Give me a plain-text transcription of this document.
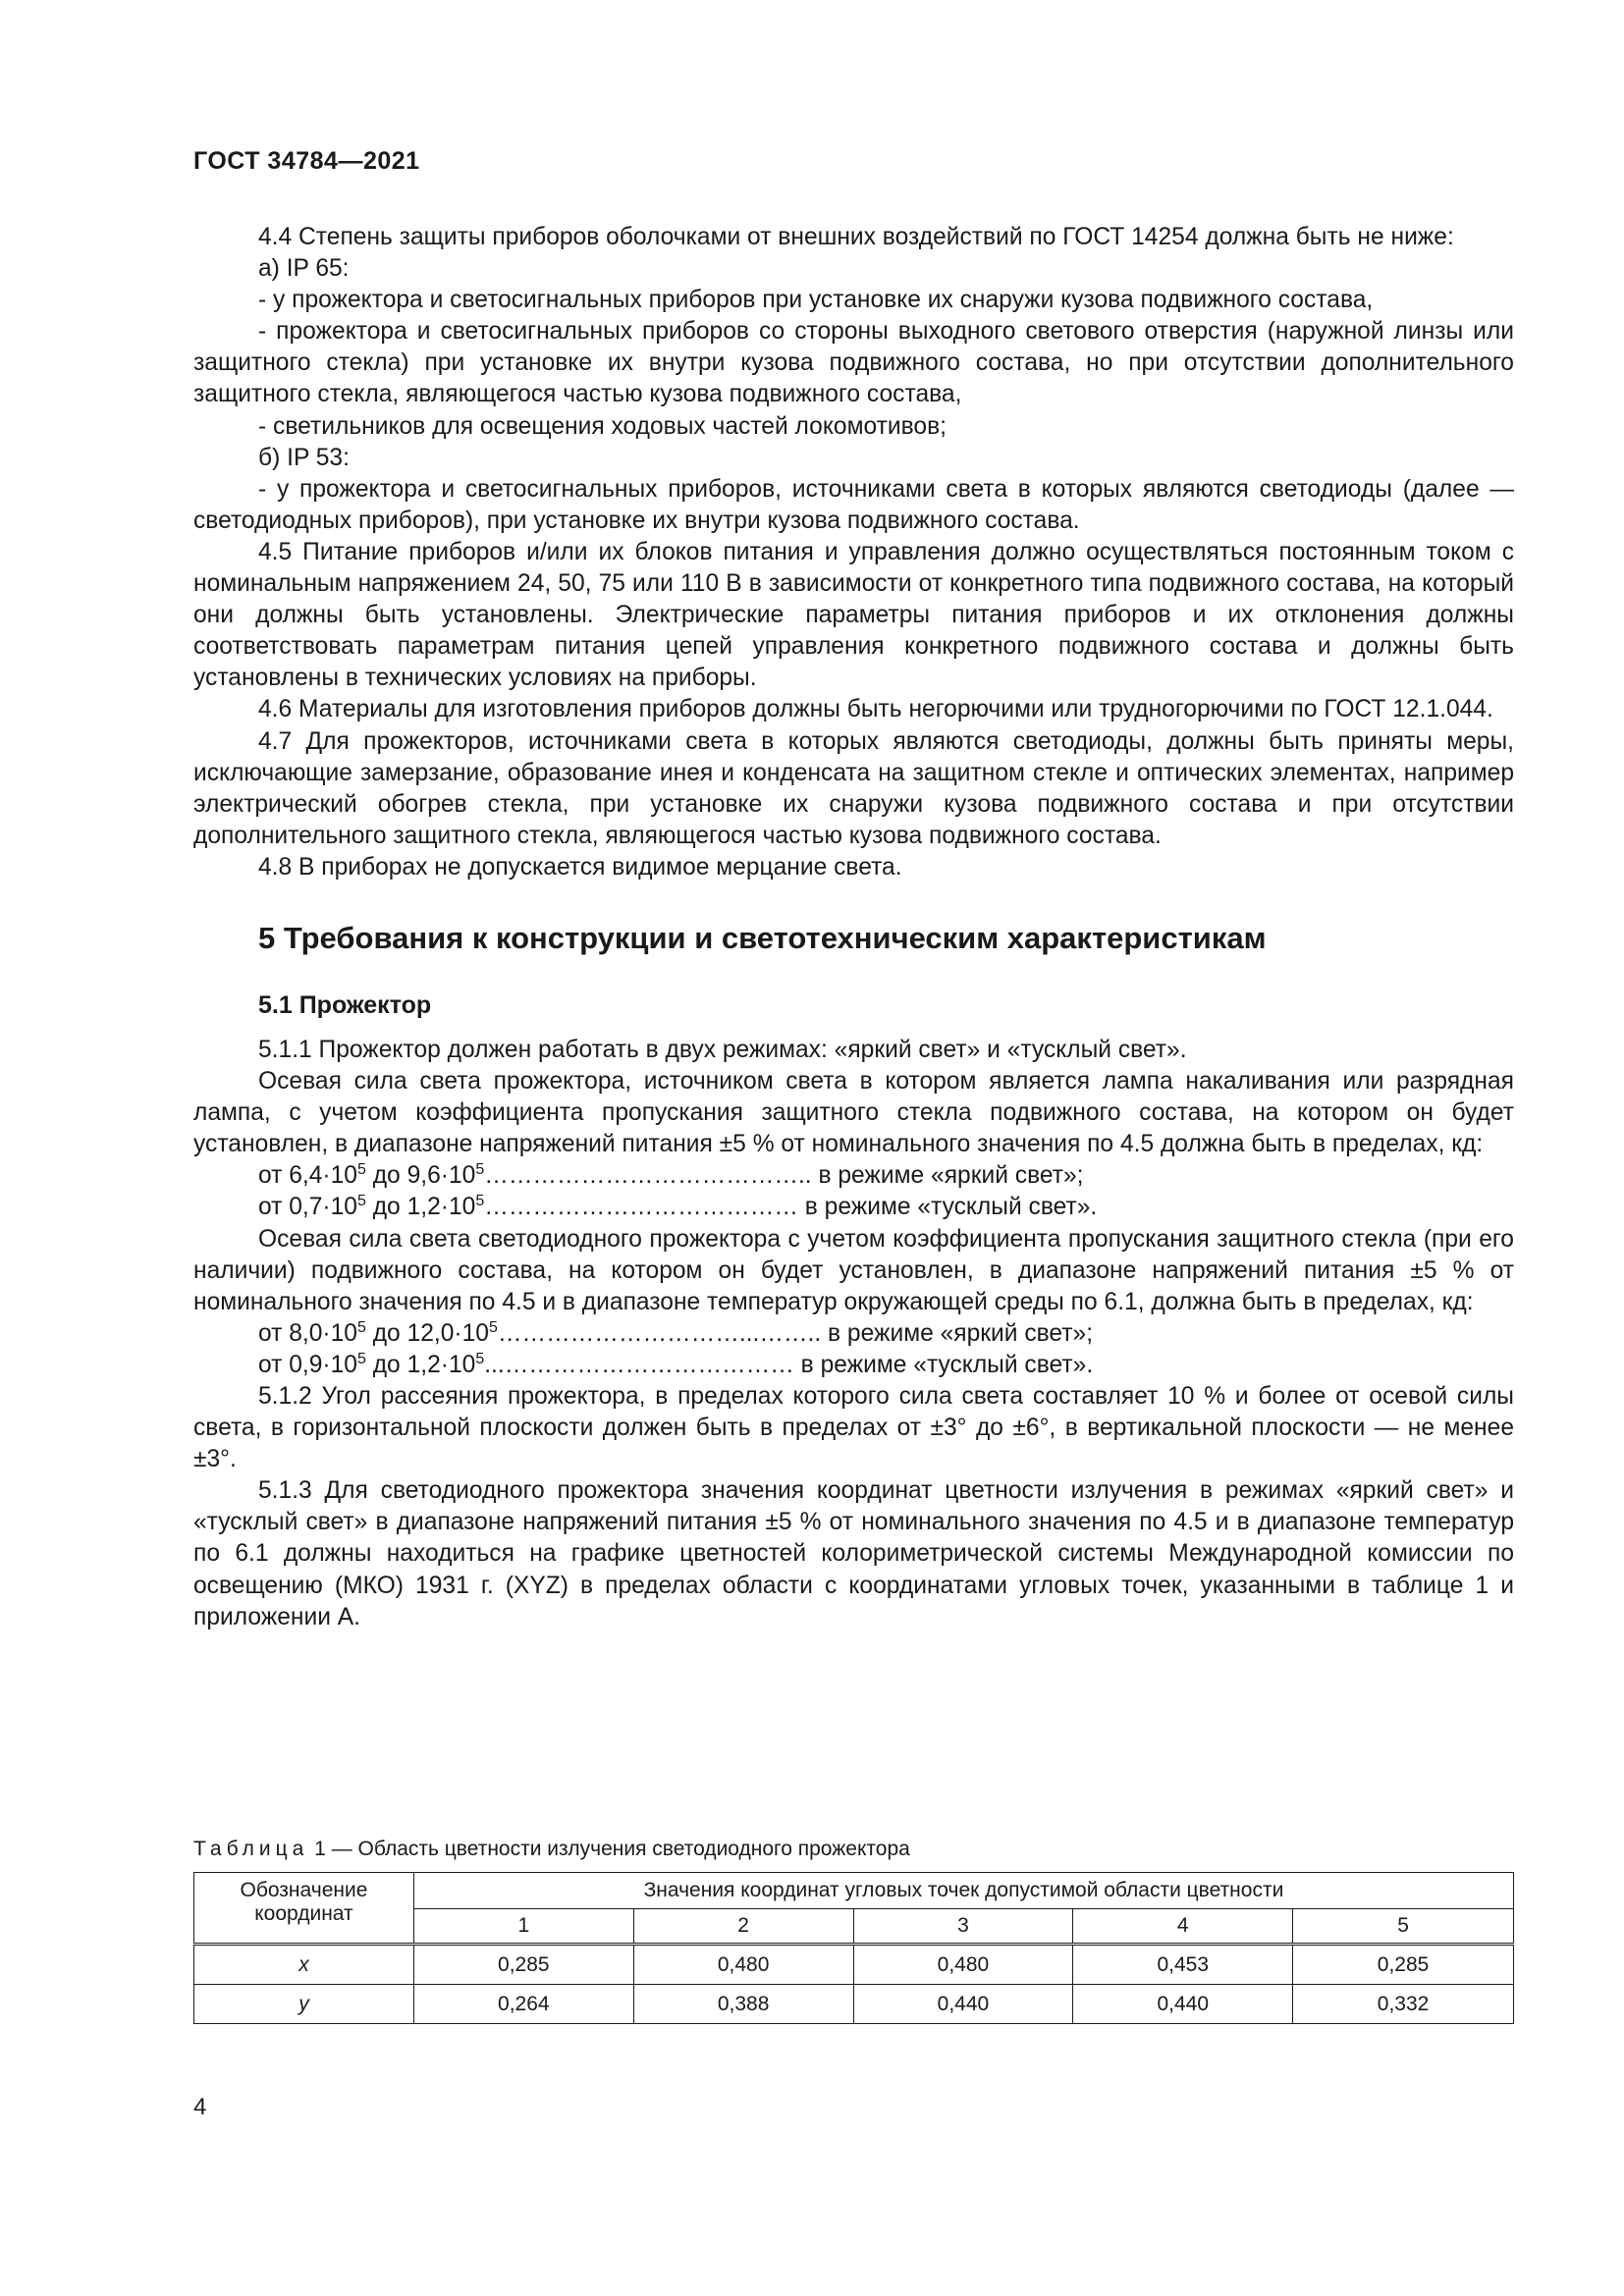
ГОСТ 34784—2021

4.4 Степень защиты приборов оболочками от внешних воздействий по ГОСТ 14254 должна быть не ниже:

а) IP 65:

- у прожектора и светосигнальных приборов при установке их снаружи кузова подвижного состава,

- прожектора и светосигнальных приборов со стороны выходного светового отверстия (наружной линзы или защитного стекла) при установке их внутри кузова подвижного состава, но при отсутствии дополнительного защитного стекла, являющегося частью кузова подвижного состава,

- светильников для освещения ходовых частей локомотивов;

б) IP 53:

- у прожектора и светосигнальных приборов, источниками света в которых являются светодиоды (далее — светодиодных приборов), при установке их внутри кузова подвижного состава.

4.5 Питание приборов и/или их блоков питания и управления должно осуществляться постоянным током с номинальным напряжением 24, 50, 75 или 110 В в зависимости от конкретного типа подвижного состава, на который они должны быть установлены. Электрические параметры питания приборов и их отклонения должны соответствовать параметрам питания цепей управления конкретного подвижного состава и должны быть установлены в технических условиях на приборы.

4.6 Материалы для изготовления приборов должны быть негорючими или трудногорючими по ГОСТ 12.1.044.

4.7 Для прожекторов, источниками света в которых являются светодиоды, должны быть приняты меры, исключающие замерзание, образование инея и конденсата на защитном стекле и оптических элементах, например электрический обогрев стекла, при установке их снаружи кузова подвижного состава и при отсутствии дополнительного защитного стекла, являющегося частью кузова подвижного состава.

4.8 В приборах не допускается видимое мерцание света.

5 Требования к конструкции и светотехническим характеристикам
5.1 Прожектор

5.1.1 Прожектор должен работать в двух режимах: «яркий свет» и «тусклый свет».

Осевая сила света прожектора, источником света в котором является лампа накаливания или разрядная лампа, с учетом коэффициента пропускания защитного стекла подвижного состава, на котором он будет установлен, в диапазоне напряжений питания ±5 % от номинального значения по 4.5 должна быть в пределах, кд:

от $6,4\cdot 10^5$ до $9,6\cdot 10^5\dots\dots\dots\dots\dots\dots\dots\dots\dots\dots\dots\dots\dots$.. в режиме «яркий свет»;

от $0,7\cdot 10^5$ до $1,2\cdot 10^5\dots\dots\dots\dots\dots\dots\dots\dots\dots\dots\dots\dots\dots$ в режиме «тусклый свет».

Осевая сила света светодиодного прожектора с учетом коэффициента пропускания защитного стекла (при его наличии) подвижного состава, на котором он будет установлен, в диапазоне напряжений питания ±5 % от номинального значения по 4.5 и в диапазоне температур окружающей среды по 6.1, должна быть в пределах, кд:

от $8,0\cdot 10^5$ до $12,0\cdot 10^5\dots\dots\dots\dots\dots\dots\dots\dots\dots\dots...\dots\dots$.. в режиме «яркий свет»;

от $0,9\cdot 10^5$ до $1,2\cdot 10^5...\dots\dots\dots\dots\dots\dots\dots\dots\dots\dots\dots\dots$ в режиме «тусклый свет».

5.1.2 Угол рассеяния прожектора, в пределах которого сила света составляет 10 % и более от осевой силы света, в горизонтальной плоскости должен быть в пределах от ±3° до ±6°, в вертикальной плоскости — не менее ±3°.

5.1.3 Для светодиодного прожектора значения координат цветности излучения в режимах «яркий свет» и «тусклый свет» в диапазоне напряжений питания ±5 % от номинального значения по 4.5 и в диапазоне температур по 6.1 должны находиться на графике цветностей колориметрической системы Международной комиссии по освещению (МКО) 1931 г. (XYZ) в пределах области с координатами угловых точек, указанными в таблице 1 и приложении А.

Таблица 1 — Область цветности излучения светодиодного прожектора
Обозначение координат	Значения координат угловых точек допустимой области цветности				
	1	2	3	4	5
x	0,285	0,480	0,480	0,453	0,285
y	0,264	0,388	0,440	0,440	0,332
4
